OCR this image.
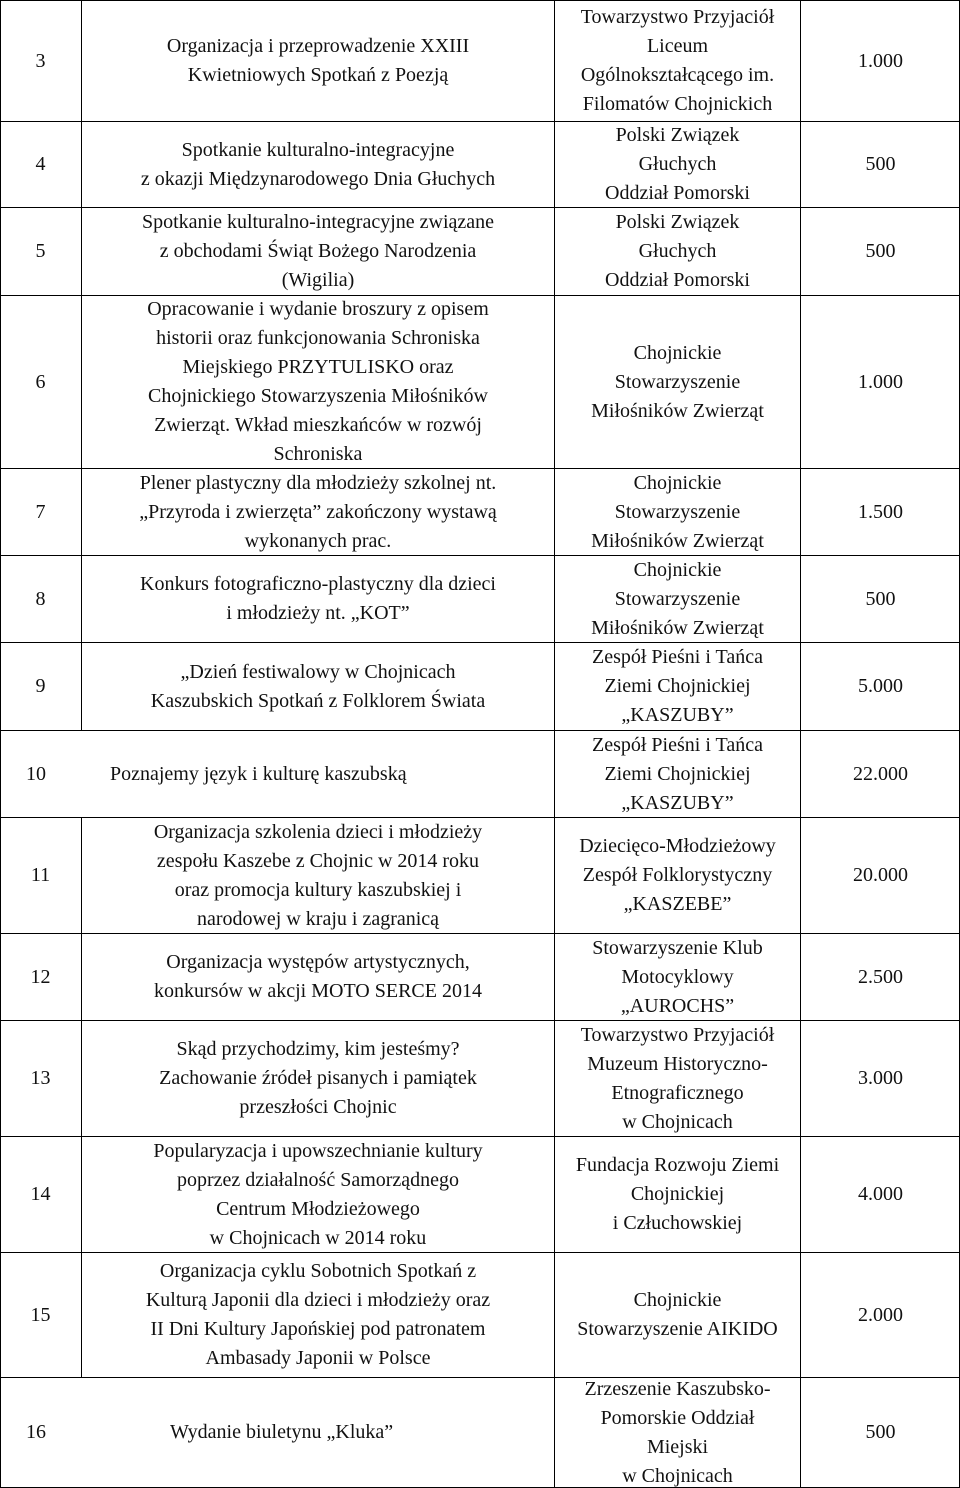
3
Organizacja i przeprowadzenie XXIII
Kwietniowych Spotkań z Poezją
Towarzystwo Przyjaciół
Liceum
Ogólnokształcącego im.
Filomatów Chojnickich
1.000
4
Spotkanie kulturalno-integracyjne
z okazji Międzynarodowego Dnia Głuchych
Polski Związek
Głuchych
Oddział Pomorski
500
5
Spotkanie kulturalno-integracyjne związane
z obchodami Świąt Bożego Narodzenia
(Wigilia)
Polski Związek
Głuchych
Oddział Pomorski
500
6
Opracowanie i wydanie broszury z opisem
historii oraz funkcjonowania Schroniska
Miejskiego PRZYTULISKO oraz
Chojnickiego Stowarzyszenia Miłośników
Zwierząt. Wkład mieszkańców w rozwój
Schroniska
Chojnickie
Stowarzyszenie
Miłośników Zwierząt
1.000
7
Plener plastyczny dla młodzieży szkolnej nt.
„Przyroda i zwierzęta” zakończony wystawą
wykonanych prac.
Chojnickie
Stowarzyszenie
Miłośników Zwierząt
1.500
8
Konkurs fotograficzno-plastyczny dla dzieci
i młodzieży nt. „KOT”
Chojnickie
Stowarzyszenie
Miłośników Zwierząt
500
9
„Dzień festiwalowy w Chojnicach
Kaszubskich Spotkań z Folklorem Świata
Zespół Pieśni i Tańca
Ziemi Chojnickiej
„KASZUBY”
5.000
10	Poznajemy język i kulturę kaszubską
Zespół Pieśni i Tańca
Ziemi Chojnickiej
„KASZUBY”
22.000
11
Organizacja szkolenia dzieci i młodzieży
zespołu Kaszebe z Chojnic w 2014 roku
oraz promocja kultury kaszubskiej i
narodowej w kraju i zagranicą
Dziecięco-Młodzieżowy
Zespół Folklorystyczny
„KASZEBE”
20.000
12
Organizacja występów artystycznych,
konkursów w akcji MOTO SERCE 2014
Stowarzyszenie Klub
Motocyklowy
„AUROCHS”
2.500
13
Skąd przychodzimy, kim jesteśmy?
Zachowanie źródeł pisanych i pamiątek
przeszłości Chojnic
Towarzystwo Przyjaciół
Muzeum Historyczno-
Etnograficznego
w Chojnicach
3.000
14
Popularyzacja i upowszechnianie kultury
poprzez działalność Samorządnego
Centrum Młodzieżowego
w Chojnicach w 2014 roku
Fundacja Rozwoju Ziemi
Chojnickiej
i Człuchowskiej
4.000
15
Organizacja cyklu Sobotnich Spotkań z
Kulturą Japonii dla dzieci i młodzieży oraz
II Dni Kultury Japońskiej pod patronatem
Ambasady Japonii w Polsce
Chojnickie
Stowarzyszenie AIKIDO
2.000
16	Wydanie biuletynu „Kluka”
Zrzeszenie Kaszubsko-
Pomorskie Oddział
Miejski
w Chojnicach
500
